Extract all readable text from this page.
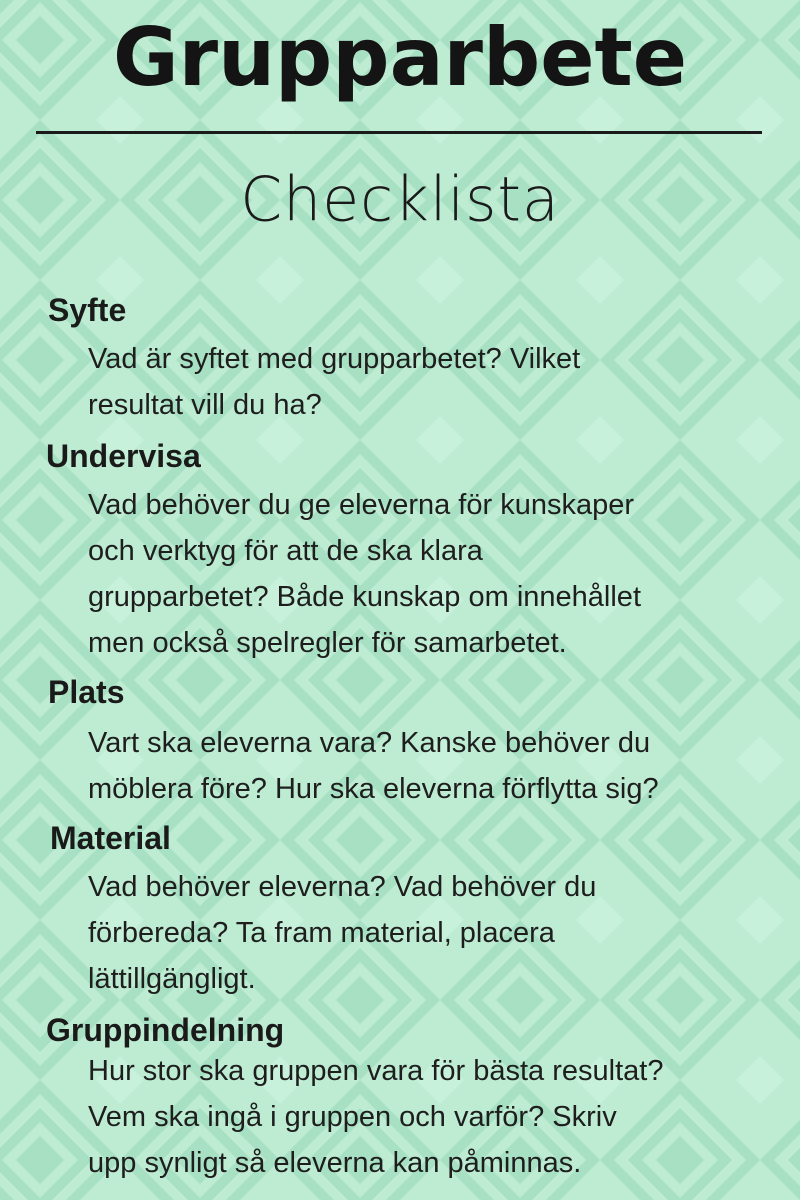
Grupparbete
Checklista
Syfte

Vad är syftet med grupparbetet? Vilket
resultat vill du ha?

Undervisa

Vad behöver du ge eleverna för kunskaper
och verktyg för att de ska klara
grupparbetet? Både kunskap om innehållet
men också spelregler för samarbetet.

Plats

Vart ska eleverna vara? Kanske behöver du
möblera före? Hur ska eleverna förflytta sig?

Material

Vad behöver eleverna? Vad behöver du
förbereda? Ta fram material, placera
lättillgängligt.

Gruppindelning

Hur stor ska gruppen vara för bästa resultat?
Vem ska ingå i gruppen och varför? Skriv
upp synligt så eleverna kan påminnas.
